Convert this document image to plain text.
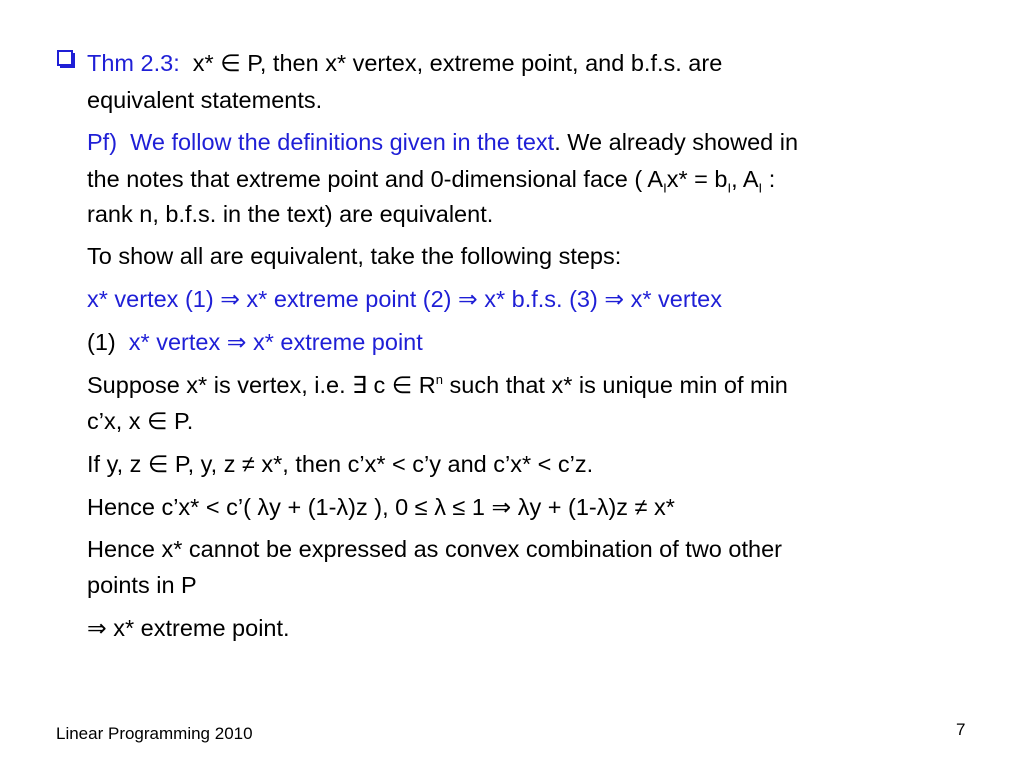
Thm 2.3: x* ∈ P, then x* vertex, extreme point, and b.f.s. are
equivalent statements.
Pf) We follow the definitions given in the text. We already showed in
the notes that extreme point and 0-dimensional face ( $A_Ix* = b_I$, $A_I$ :
rank n, b.f.s. in the text) are equivalent.
To show all are equivalent, take the following steps:
x* vertex (1) ⇒ x* extreme point (2) ⇒ x* b.f.s. (3) ⇒ x* vertex
(1) x* vertex ⇒ x* extreme point
Suppose x* is vertex, i.e. ∃ c ∈ $R^n$ such that x* is unique min of min
c’x, x ∈ P.
If y, z ∈ P, y, z ≠ x*, then c’x* < c’y and c’x* < c’z.
Hence c’x* < c’( λy + (1-λ)z ), 0 ≤ λ ≤ 1 ⇒ λy + (1-λ)z ≠ x*
Hence x* cannot be expressed as convex combination of two other
points in P
⇒ x* extreme point.
Linear Programming 2010	7
